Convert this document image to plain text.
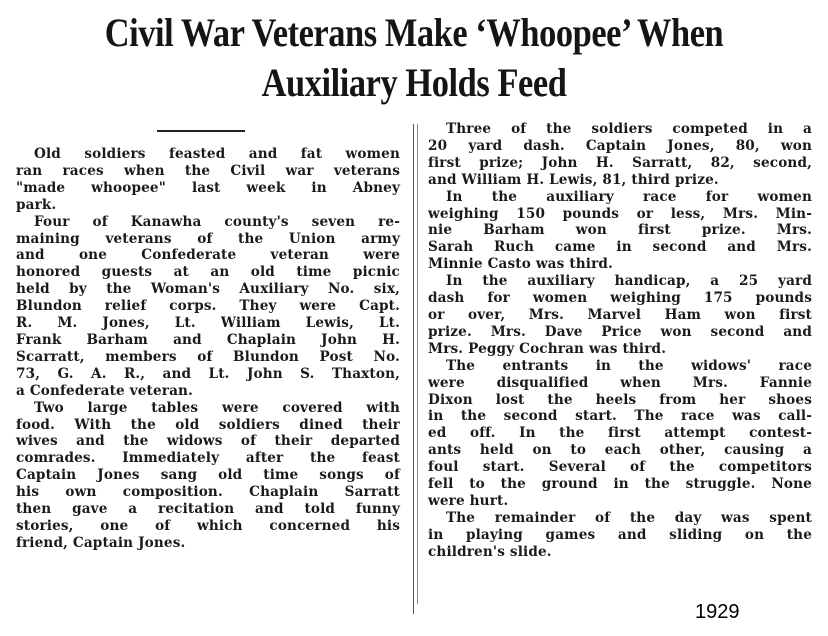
Civil War Veterans Make ‘Whoopee’ When
Auxiliary Holds Feed
Old soldiers feasted and fat women
ran races when the Civil war veterans
"made whoopee" last week in Abney
park.
Four of Kanawha county's seven re-
maining veterans of the Union army
and one Confederate veteran were
honored guests at an old time picnic
held by the Woman's Auxiliary No. six,
Blundon relief corps. They were Capt.
R. M. Jones, Lt. William Lewis, Lt.
Frank Barham and Chaplain John H.
Scarratt, members of Blundon Post No.
73, G. A. R., and Lt. John S. Thaxton,
a Confederate veteran.
Two large tables were covered with
food. With the old soldiers dined their
wives and the widows of their departed
comrades. Immediately after the feast
Captain Jones sang old time songs of
his own composition. Chaplain Sarratt
then gave a recitation and told funny
stories, one of which concerned his
friend, Captain Jones.
Three of the soldiers competed in a
20 yard dash. Captain Jones, 80, won
first prize; John H. Sarratt, 82, second,
and William H. Lewis, 81, third prize.
In the auxiliary race for women
weighing 150 pounds or less, Mrs. Min-
nie Barham won first prize. Mrs.
Sarah Ruch came in second and Mrs.
Minnie Casto was third.
In the auxiliary handicap, a 25 yard
dash for women weighing 175 pounds
or over, Mrs. Marvel Ham won first
prize. Mrs. Dave Price won second and
Mrs. Peggy Cochran was third.
The entrants in the widows' race
were disqualified when Mrs. Fannie
Dixon lost the heels from her shoes
in the second start. The race was call-
ed off. In the first attempt contest-
ants held on to each other, causing a
foul start. Several of the competitors
fell to the ground in the struggle. None
were hurt.
The remainder of the day was spent
in playing games and sliding on the
children's slide.
1929
